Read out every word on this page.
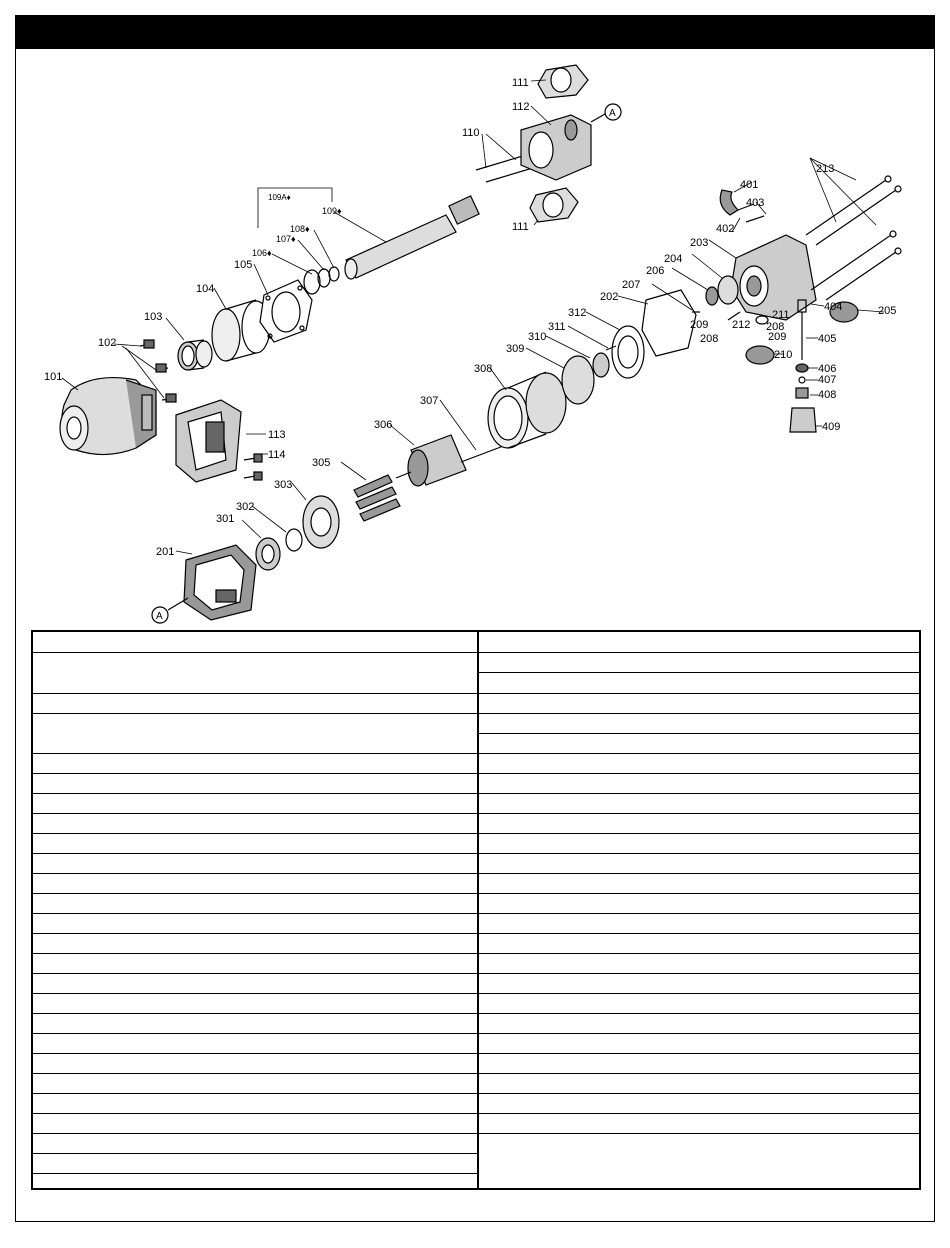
101
102
103
104
105
106♦
107♦
108♦
109♦
109A♦
110
111
111
112
113
114
201
202
203
204
205
206
207
208
208	209
209
210
211
212
213
301
302
303
305
306
307
308
309
310
311
312
401
402
403
404
405
406
407
408
409
A
A
